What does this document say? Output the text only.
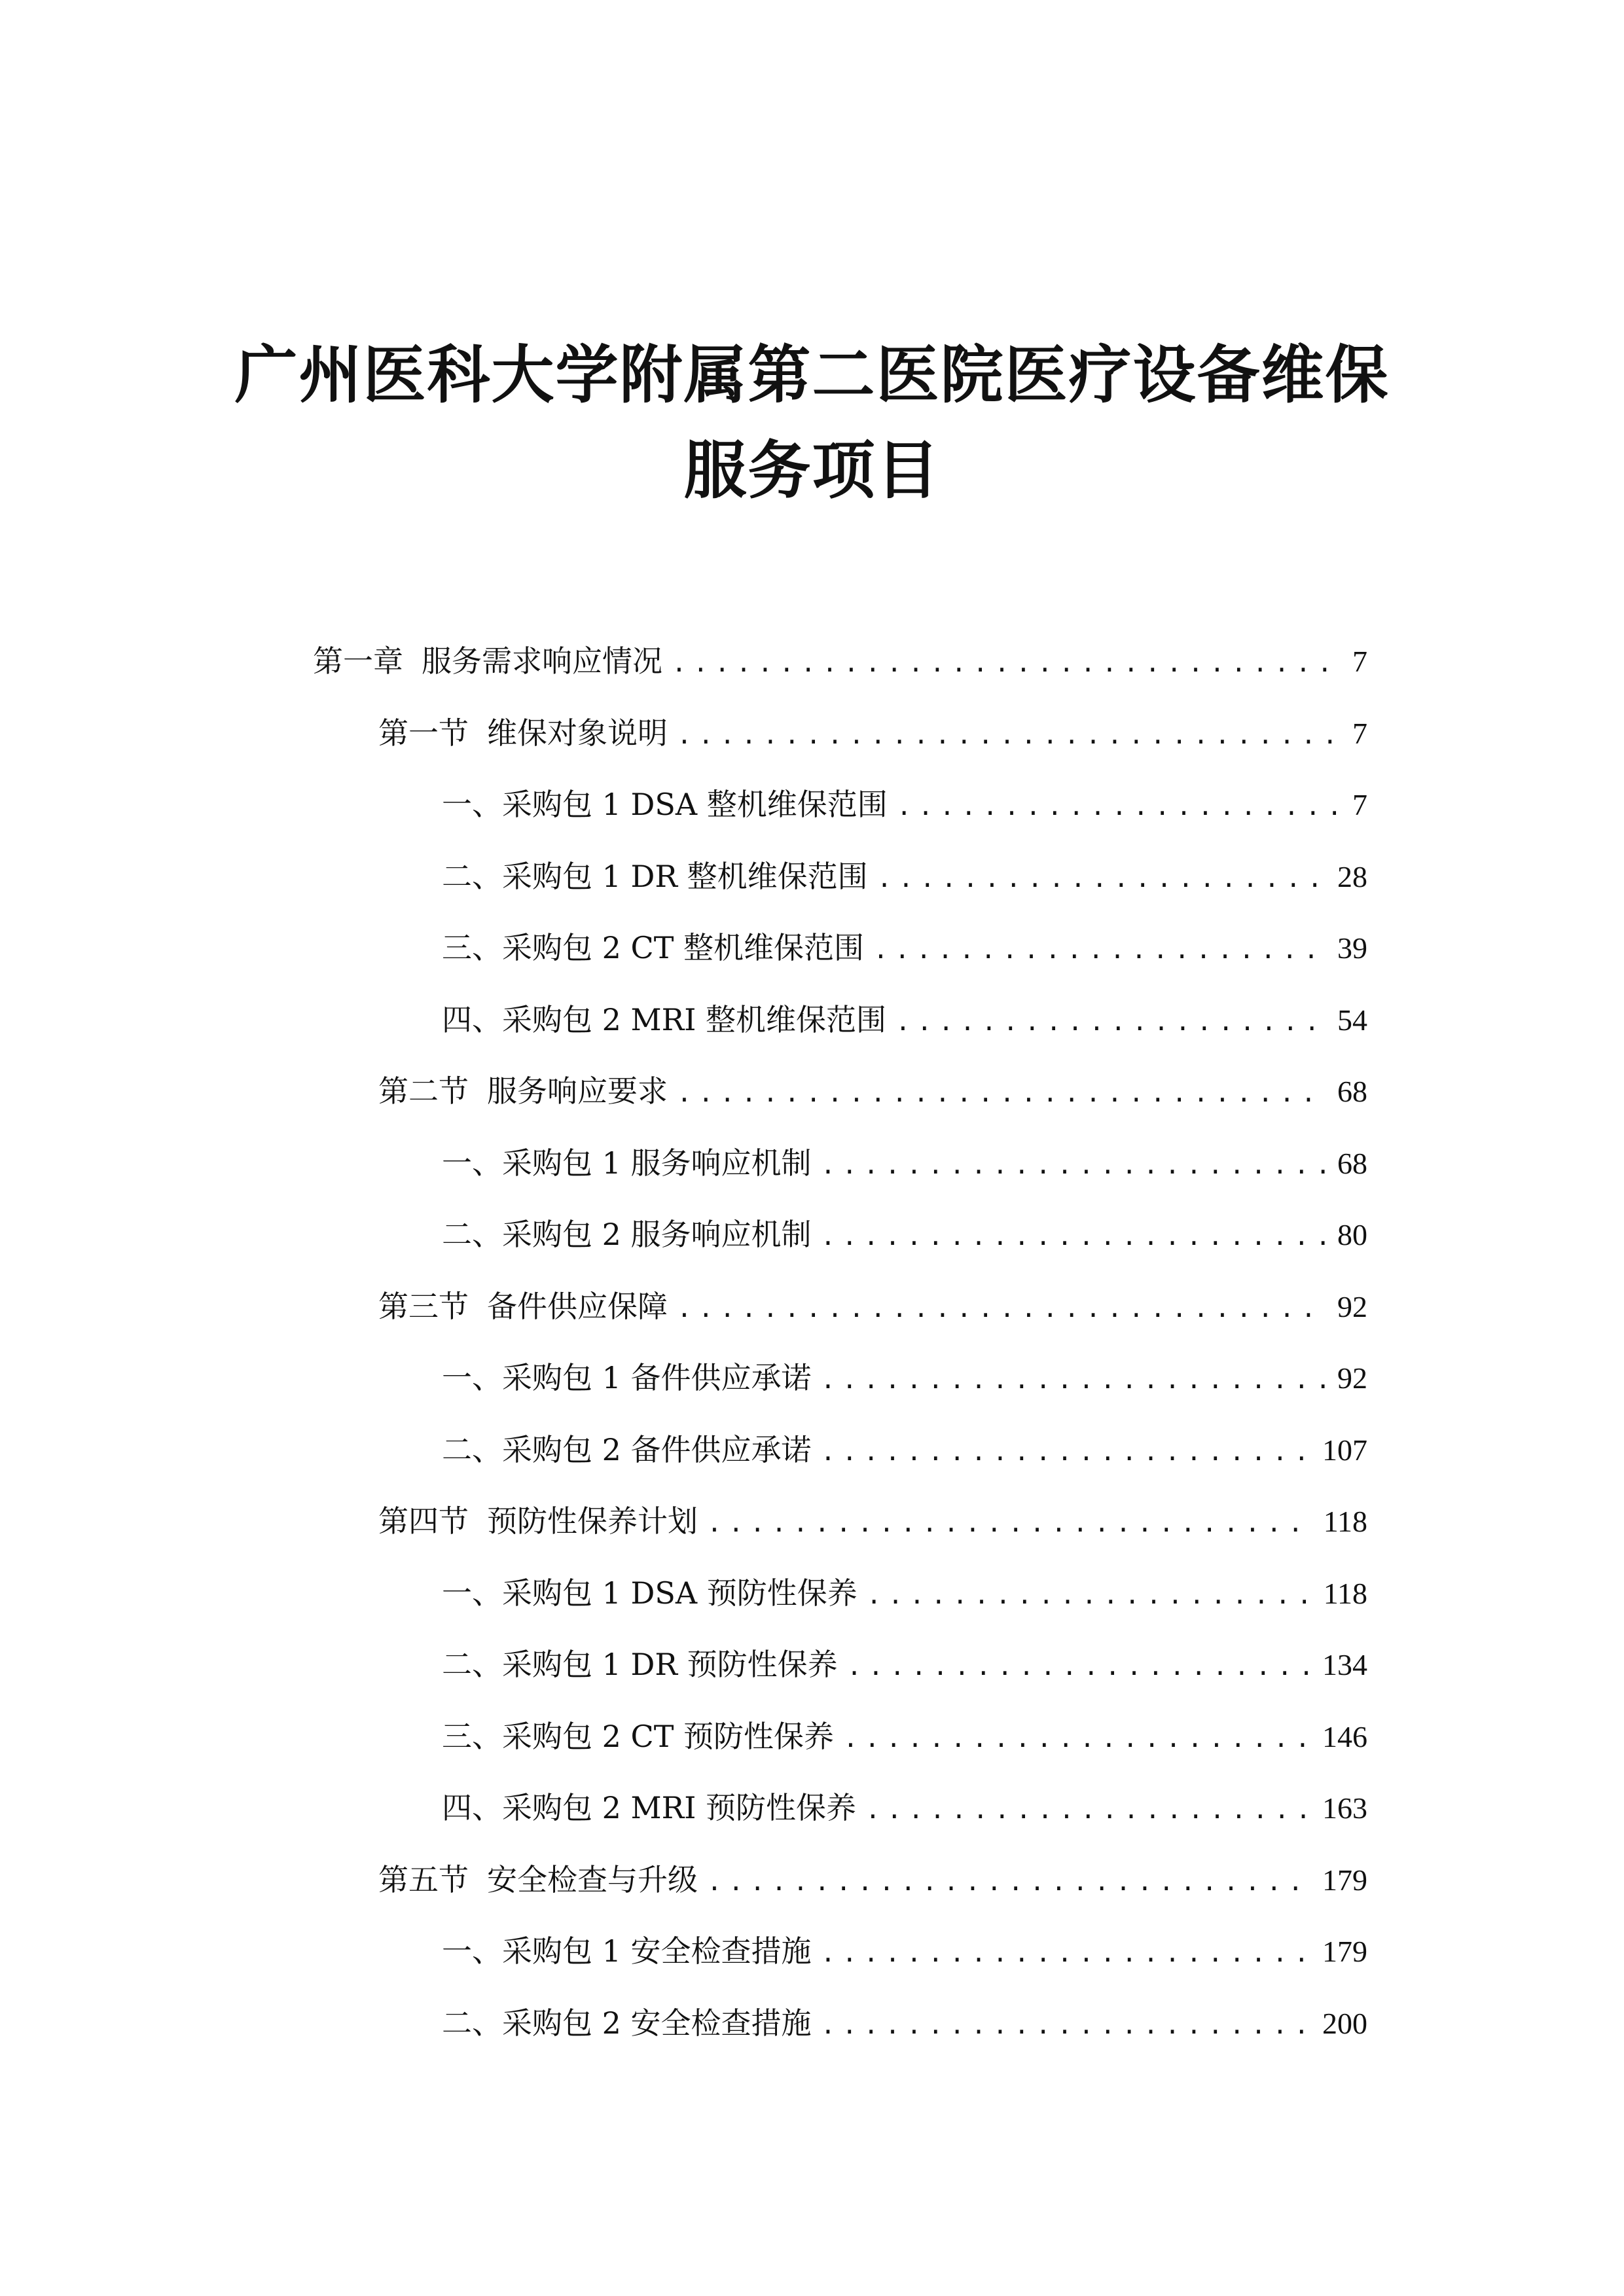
广州医科大学附属第二医院医疗设备维保
服务项目
第一章 服务需求响应情况 .....	7
第一节 维保对象说明 .....	7
一、 采购包 1 DSA 整机维保范围 .....	7
二、 采购包 1 DR 整机维保范围 .....	28
三、 采购包 2 CT 整机维保范围 .....	39
四、 采购包 2 MRI 整机维保范围 .....	54
第二节 服务响应要求 .....	68
一、 采购包 1 服务响应机制 .....	68
二、 采购包 2 服务响应机制 .....	80
第三节 备件供应保障 .....	92
一、 采购包 1 备件供应承诺 .....	92
二、 采购包 2 备件供应承诺 .....	107
第四节 预防性保养计划 .....	118
一、 采购包 1 DSA 预防性保养 .....	118
二、 采购包 1 DR 预防性保养 .....	134
三、 采购包 2 CT 预防性保养 .....	146
四、 采购包 2 MRI 预防性保养 .....	163
第五节 安全检查与升级 .....	179
一、 采购包 1 安全检查措施 .....	179
二、 采购包 2 安全检查措施 .....	200
